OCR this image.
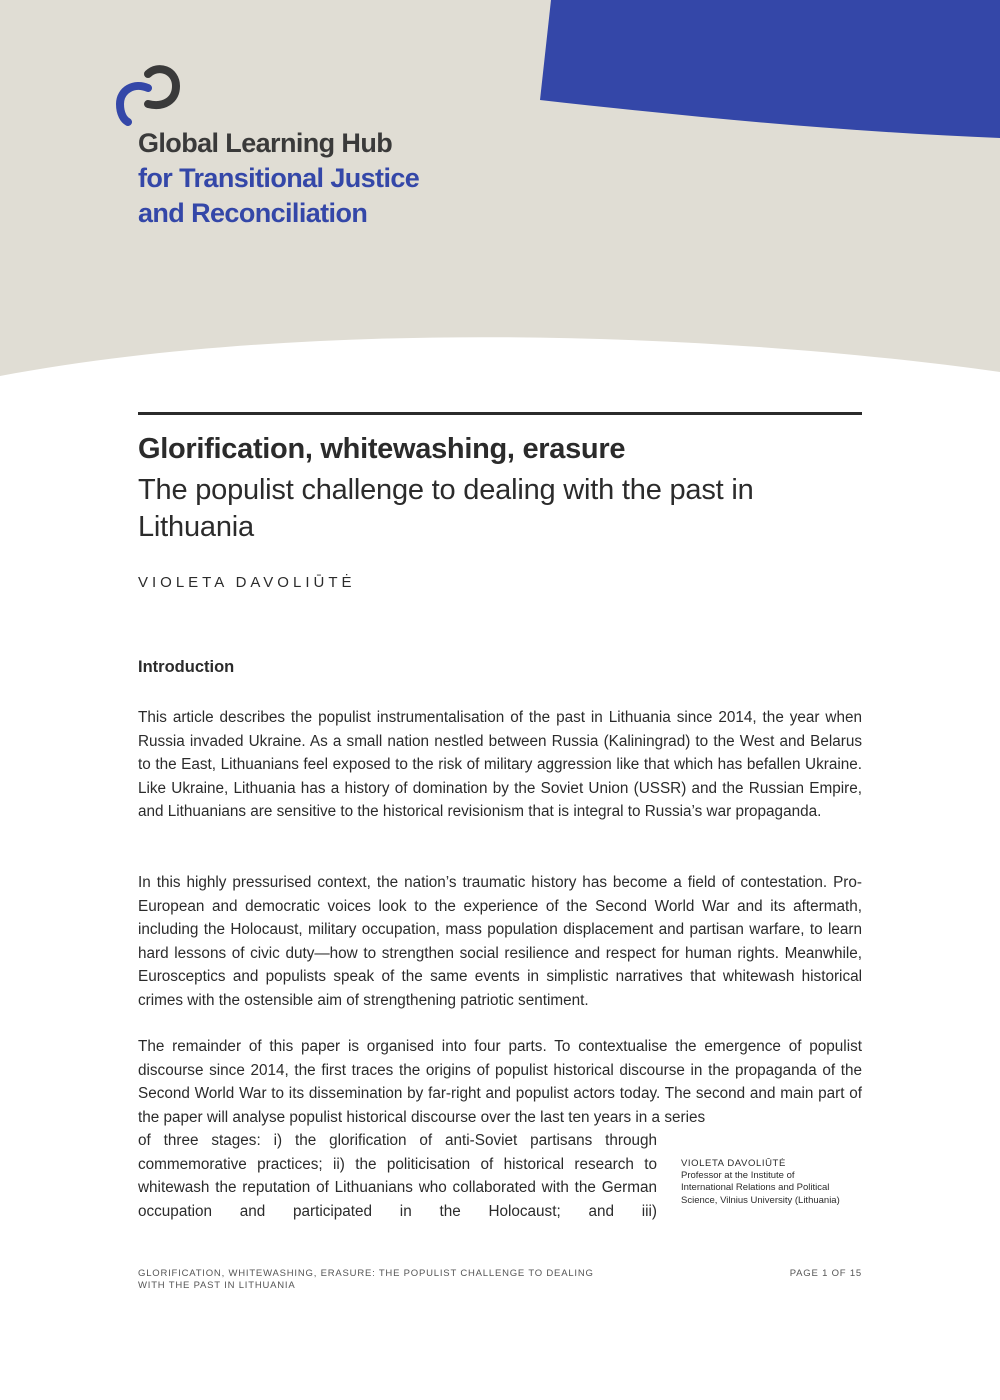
Global Learning Hub
for Transitional Justice
and Reconciliation
Glorification, whitewashing, erasure
The populist challenge to dealing with the past in Lithuania
VIOLETA DAVOLIŪTĖ
Introduction

This article describes the populist instrumentalisation of the past in Lithuania since 2014, the year when Russia invaded Ukraine. As a small nation nestled between Russia (Kaliningrad) to the West and Belarus to the East, Lithuanians feel exposed to the risk of military aggression like that which has befallen Ukraine. Like Ukraine, Lithuania has a history of domination by the Soviet Union (USSR) and the Russian Empire, and Lithuanians are sensitive to the historical revisionism that is integral to Russia’s war propaganda.

In this highly pressurised context, the nation’s traumatic history has become a field of contestation. Pro-European and democratic voices look to the experience of the Second World War and its aftermath, including the Holocaust, military occupation, mass population displacement and partisan warfare, to learn hard lessons of civic duty—how to strengthen social resilience and respect for human rights. Meanwhile, Eurosceptics and populists speak of the same events in simplistic narratives that whitewash historical crimes with the ostensible aim of strengthening patriotic sentiment.

The remainder of this paper is organised into four parts. To contextualise the emergence of populist discourse since 2014, the first traces the origins of populist historical discourse in the propaganda of the Second World War to its dissemination by far-right and populist actors today. The second and main part of the paper will analyse populist historical discourse over the last ten years in a series

of three stages: i) the glorification of anti-Soviet partisans through commemorative practices; ii) the politicisation of historical research to whitewash the reputation of Lithuanians who collaborated with the German occupation and participated in the Holocaust; and iii)

VIOLETA DAVOLIŪTĖ
Professor at the Institute of International Relations and Political Science, Vilnius University (Lithuania)
GLORIFICATION, WHITEWASHING, ERASURE: THE POPULIST CHALLENGE TO DEALING WITH THE PAST IN LITHUANIA
PAGE 1 OF 15
